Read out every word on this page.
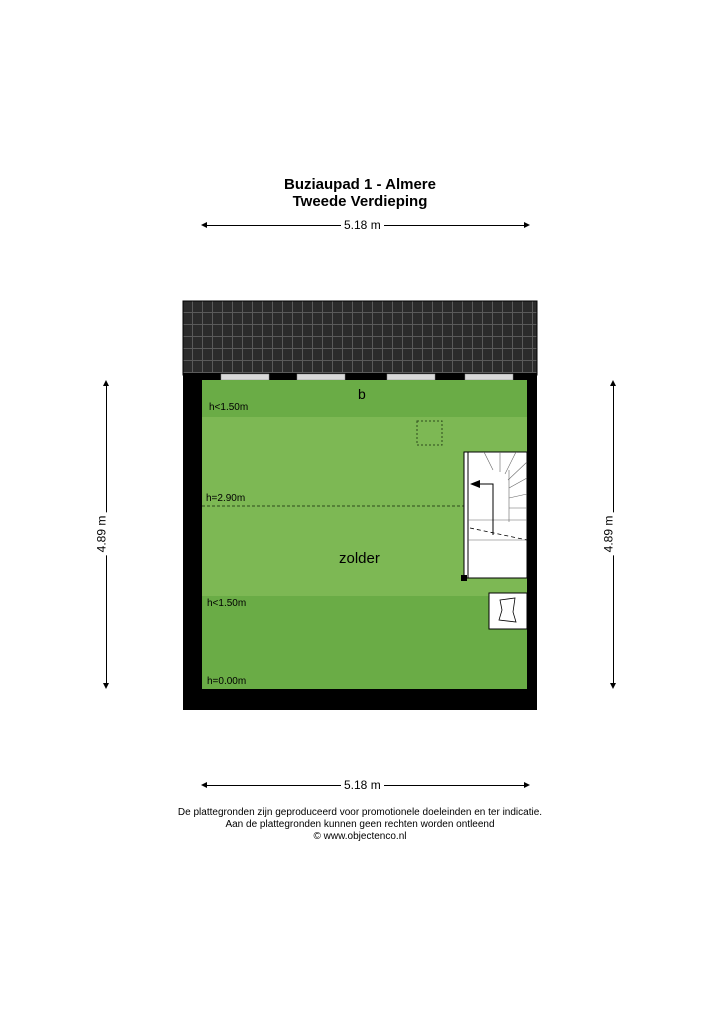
Buziaupad 1 - Almere
Tweede Verdieping
5.18 m
5.18 m
4.89 m	4.89 m
b
h<1.50m
h=2.90m
zolder
h<1.50m
h=0.00m
De plattegronden zijn geproduceerd voor promotionele doeleinden en ter indicatie.
Aan de plattegronden kunnen geen rechten worden ontleend
© www.objectenco.nl
